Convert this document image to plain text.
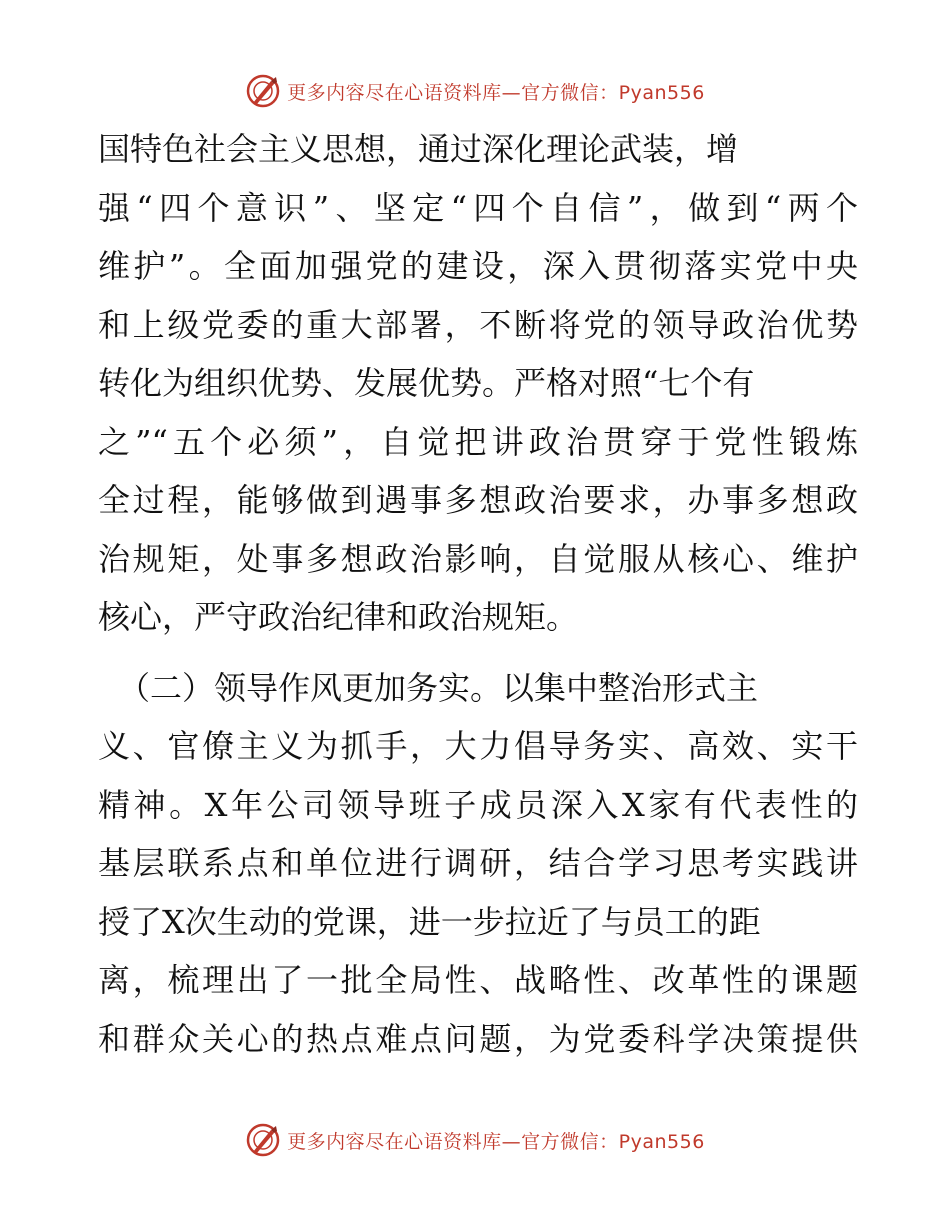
更多内容尽在心语资料库—官方微信：Pyan556
国特色社会主义思想，通过深化理论武装，增
强“四个意识”、坚定“四个自信”，做到“两个
维护”。全面加强党的建设，深入贯彻落实党中央
和上级党委的重大部署，不断将党的领导政治优势
转化为组织优势、发展优势。严格对照“七个有
之”“五个必须”，自觉把讲政治贯穿于党性锻炼
全过程，能够做到遇事多想政治要求，办事多想政
治规矩，处事多想政治影响，自觉服从核心、维护
核心，严守政治纪律和政治规矩。
（二）领导作风更加务实。以集中整治形式主
义、官僚主义为抓手，大力倡导务实、高效、实干
精神。X年公司领导班子成员深入X家有代表性的
基层联系点和单位进行调研，结合学习思考实践讲
授了X次生动的党课，进一步拉近了与员工的距
离，梳理出了一批全局性、战略性、改革性的课题
和群众关心的热点难点问题，为党委科学决策提供
更多内容尽在心语资料库—官方微信：Pyan556
